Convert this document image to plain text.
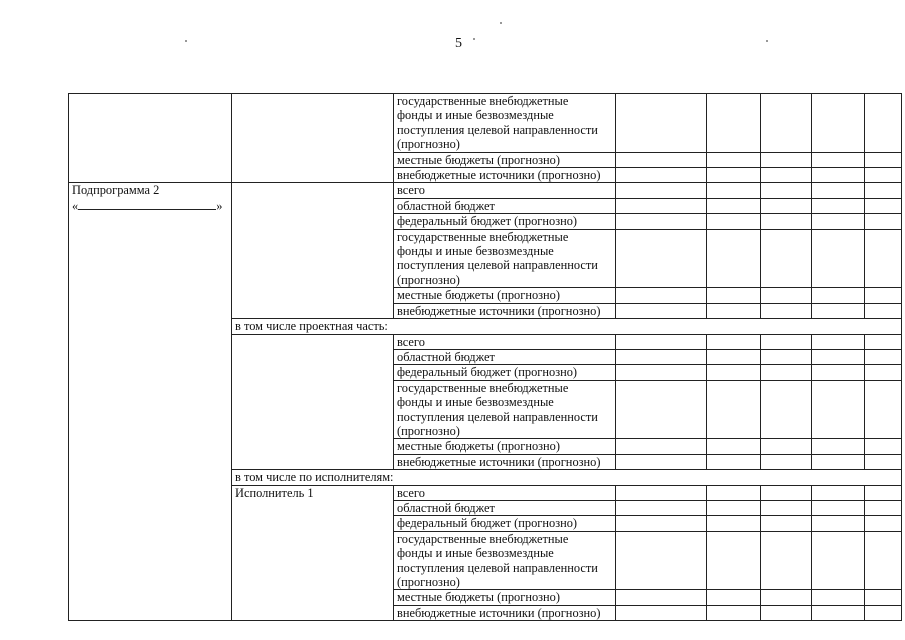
5

		государственные внебюджетные
фонды и иные безвозмездные
поступления целевой направленности
(прогнозно)					

		местные бюджеты (прогнозно)					
		внебюджетные источники (прогнозно)					

Подпрограмма 2
« »		всего					
		областной бюджет					
		федеральный бюджет (прогнозно)					

		государственные внебюджетные
фонды и иные безвозмездные
поступления целевой направленности
(прогнозно)					

		местные бюджеты (прогнозно)					
		внебюджетные источники (прогнозно)					
	в том числе проектная часть:						
		всего					
		областной бюджет					
		федеральный бюджет (прогнозно)					

		государственные внебюджетные
фонды и иные безвозмездные
поступления целевой направленности
(прогнозно)					

		местные бюджеты (прогнозно)					
		внебюджетные источники (прогнозно)					
	в том числе по исполнителям:						
	Исполнитель 1	всего					
		областной бюджет					
		федеральный бюджет (прогнозно)					

		государственные внебюджетные
фонды и иные безвозмездные
поступления целевой направленности
(прогнозно)					

		местные бюджеты (прогнозно)					
		внебюджетные источники (прогнозно)					
